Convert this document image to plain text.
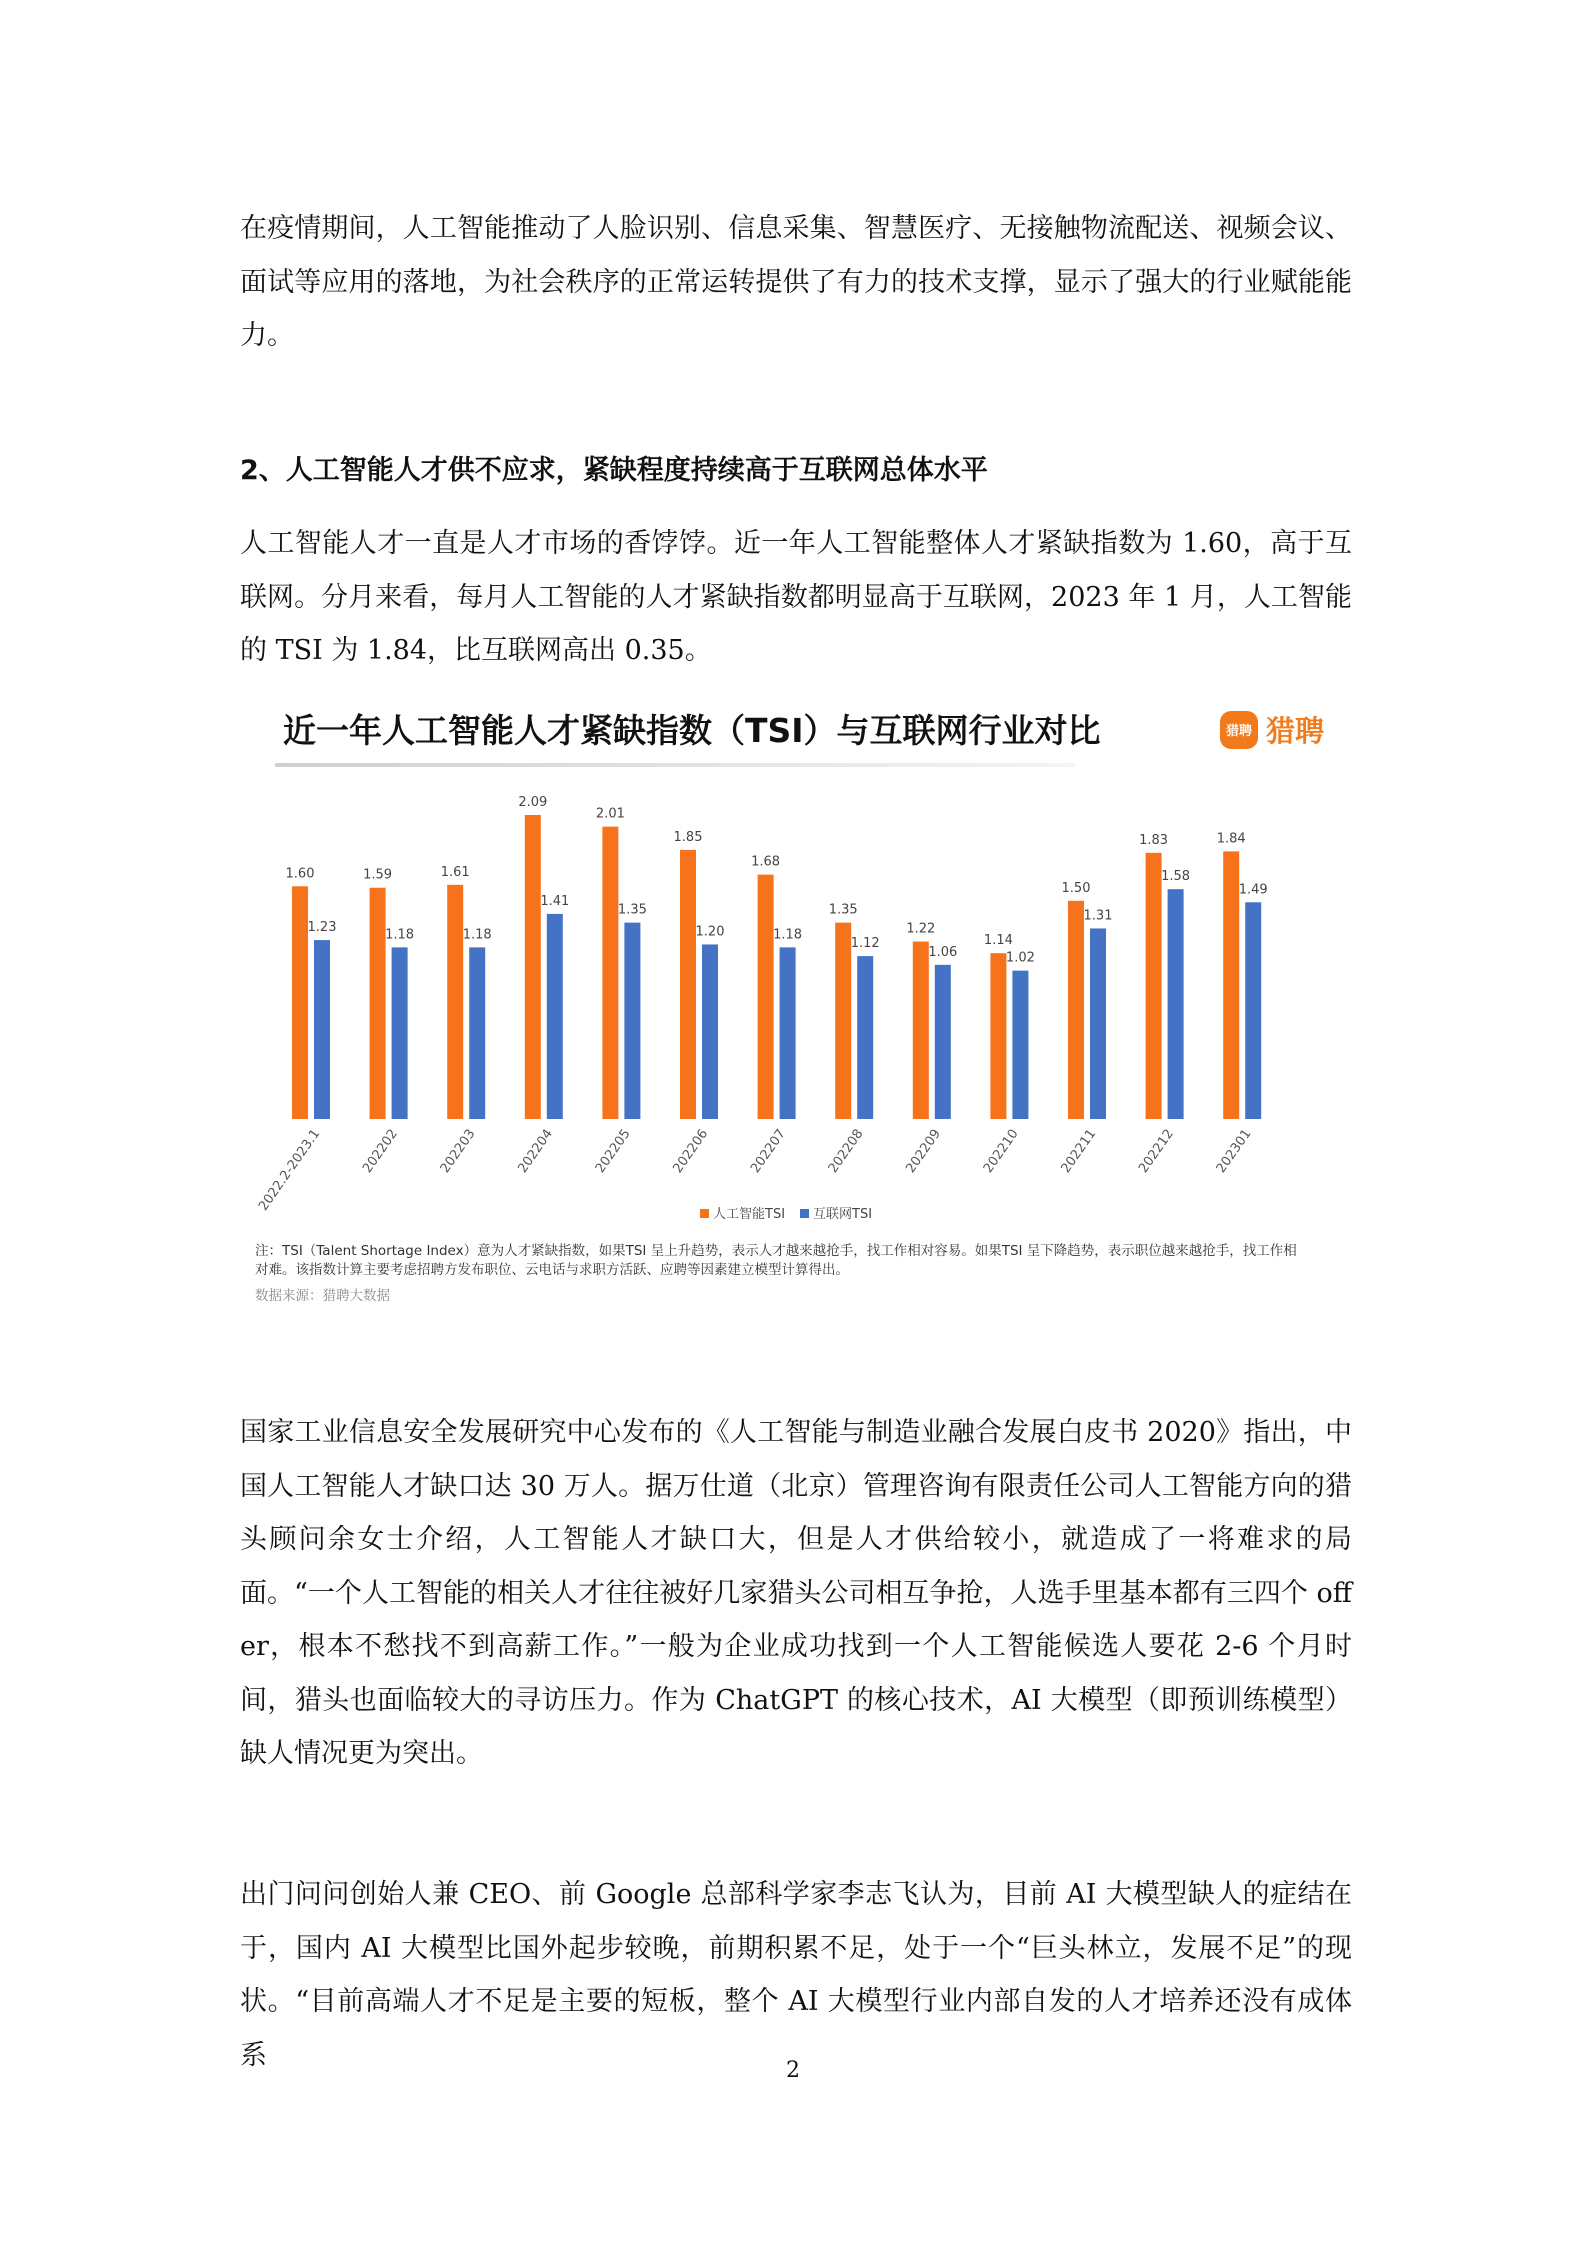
在疫情期间，人工智能推动了人脸识别、信息采集、智慧医疗、无接触物流配送、视频会议、面试等应用的落地，为社会秩序的正常运转提供了有力的技术支撑，显示了强大的行业赋能能力。

2、人工智能人才供不应求，紧缺程度持续高于互联网总体水平

人工智能人才一直是人才市场的香饽饽。近一年人工智能整体人才紧缺指数为 1.60，高于互联网。分月来看，每月人工智能的人才紧缺指数都明显高于互联网，2023 年 1 月，人工智能的 TSI 为 1.84，比互联网高出 0.35。

近一年人工智能人才紧缺指数（TSI）与互联网行业对比	猎聘 猎聘
1.60
1.23
2022.2-2023.1
1.59
1.18
202202
1.61
1.18
202203
2.09
1.41
202204
2.01
1.35
202205
1.85
1.20
202206
1.68
1.18
202207
1.35
1.12
202208
1.22
1.06
202209
1.14
1.02
202210
1.50
1.31
202211
1.83
1.58
202212
1.84
1.49
202301
人工智能TSI 互联网TSI

注：TSI（Talent Shortage Index）意为人才紧缺指数，如果TSI 呈上升趋势，表示人才越来越抢手，找工作相对容易。如果TSI 呈下降趋势，表示职位越来越抢手，找工作相对难。该指数计算主要考虑招聘方发布职位、云电话与求职方活跃、应聘等因素建立模型计算得出。

数据来源：猎聘大数据

国家工业信息安全发展研究中心发布的《人工智能与制造业融合发展白皮书 2020》指出，中国人工智能人才缺口达 30 万人。据万仕道（北京）管理咨询有限责任公司人工智能方向的猎头顾问余女士介绍，人工智能人才缺口大，但是人才供给较小，就造成了一将难求的局面。“一个人工智能的相关人才往往被好几家猎头公司相互争抢，人选手里基本都有三四个 offer，根本不愁找不到高薪工作。”一般为企业成功找到一个人工智能候选人要花 2-6 个月时间，猎头也面临较大的寻访压力。作为 ChatGPT 的核心技术，AI 大模型（即预训练模型）缺人情况更为突出。

出门问问创始人兼 CEO、前 Google 总部科学家李志飞认为，目前 AI 大模型缺人的症结在于，国内 AI 大模型比国外起步较晚，前期积累不足，处于一个“巨头林立，发展不足”的现状。“目前高端人才不足是主要的短板，整个 AI 大模型行业内部自发的人才培养还没有成体系	2
